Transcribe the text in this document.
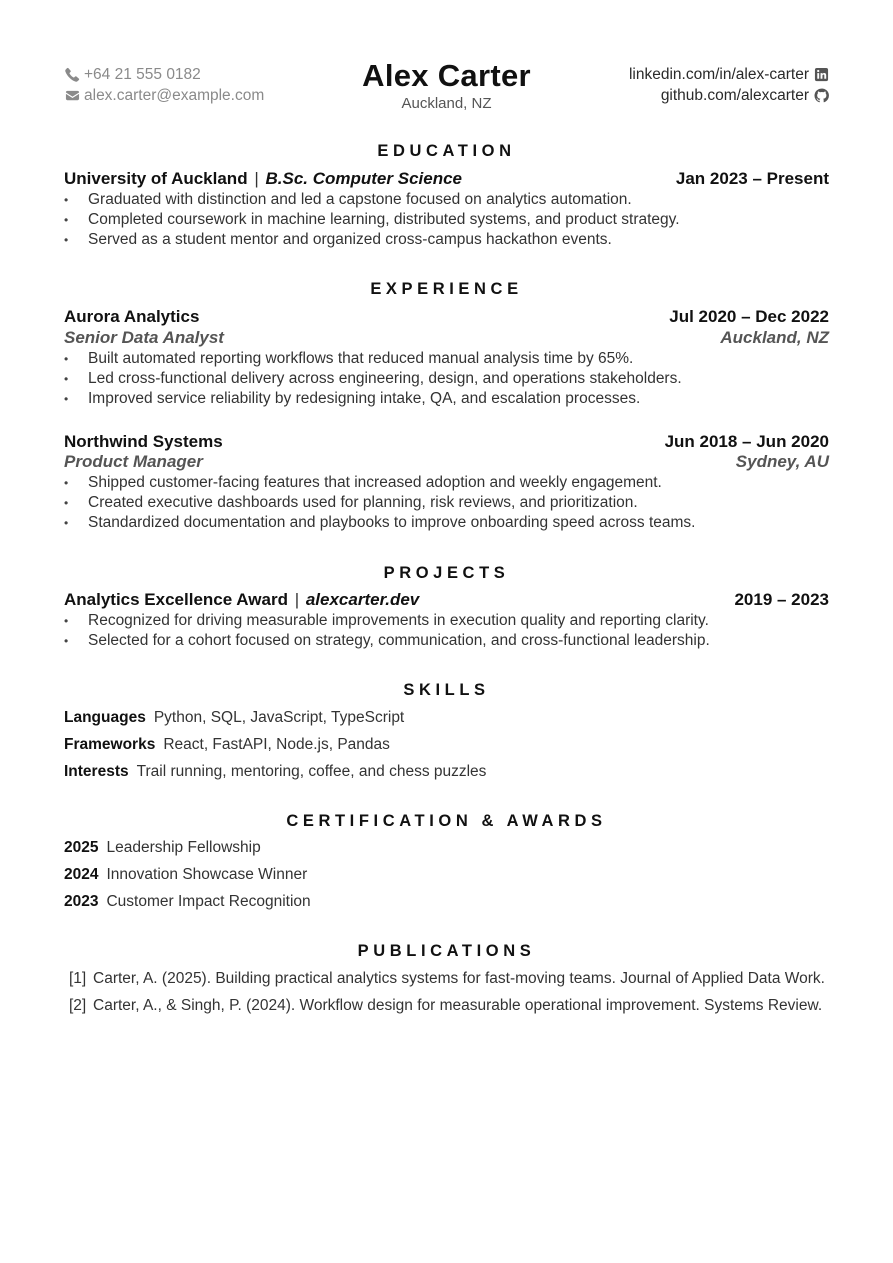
+64 21 555 0182
alex.carter@example.com
Alex Carter
Auckland, NZ
linkedin.com/in/alex-carter
github.com/alexcarter
EDUCATION
University of Auckland | B.Sc. Computer Science	Jan 2023 – Present
• Graduated with distinction and led a capstone focused on analytics automation.
• Completed coursework in machine learning, distributed systems, and product strategy.
• Served as a student mentor and organized cross-campus hackathon events.
EXPERIENCE
Aurora Analytics	Jul 2020 – Dec 2022
Senior Data Analyst	Auckland, NZ
• Built automated reporting workflows that reduced manual analysis time by 65%.
• Led cross-functional delivery across engineering, design, and operations stakeholders.
• Improved service reliability by redesigning intake, QA, and escalation processes.
Northwind Systems	Jun 2018 – Jun 2020
Product Manager	Sydney, AU
• Shipped customer-facing features that increased adoption and weekly engagement.
• Created executive dashboards used for planning, risk reviews, and prioritization.
• Standardized documentation and playbooks to improve onboarding speed across teams.
PROJECTS
Analytics Excellence Award | alexcarter.dev	2019 – 2023
• Recognized for driving measurable improvements in execution quality and reporting clarity.
• Selected for a cohort focused on strategy, communication, and cross-functional leadership.
SKILLS
Languages Python, SQL, JavaScript, TypeScript
Frameworks React, FastAPI, Node.js, Pandas
Interests Trail running, mentoring, coffee, and chess puzzles
CERTIFICATION & AWARDS
2025 Leadership Fellowship
2024 Innovation Showcase Winner
2023 Customer Impact Recognition
PUBLICATIONS
[1] Carter, A. (2025). Building practical analytics systems for fast-moving teams. Journal of Applied Data Work.
[2] Carter, A., & Singh, P. (2024). Workflow design for measurable operational improvement. Systems Review.
